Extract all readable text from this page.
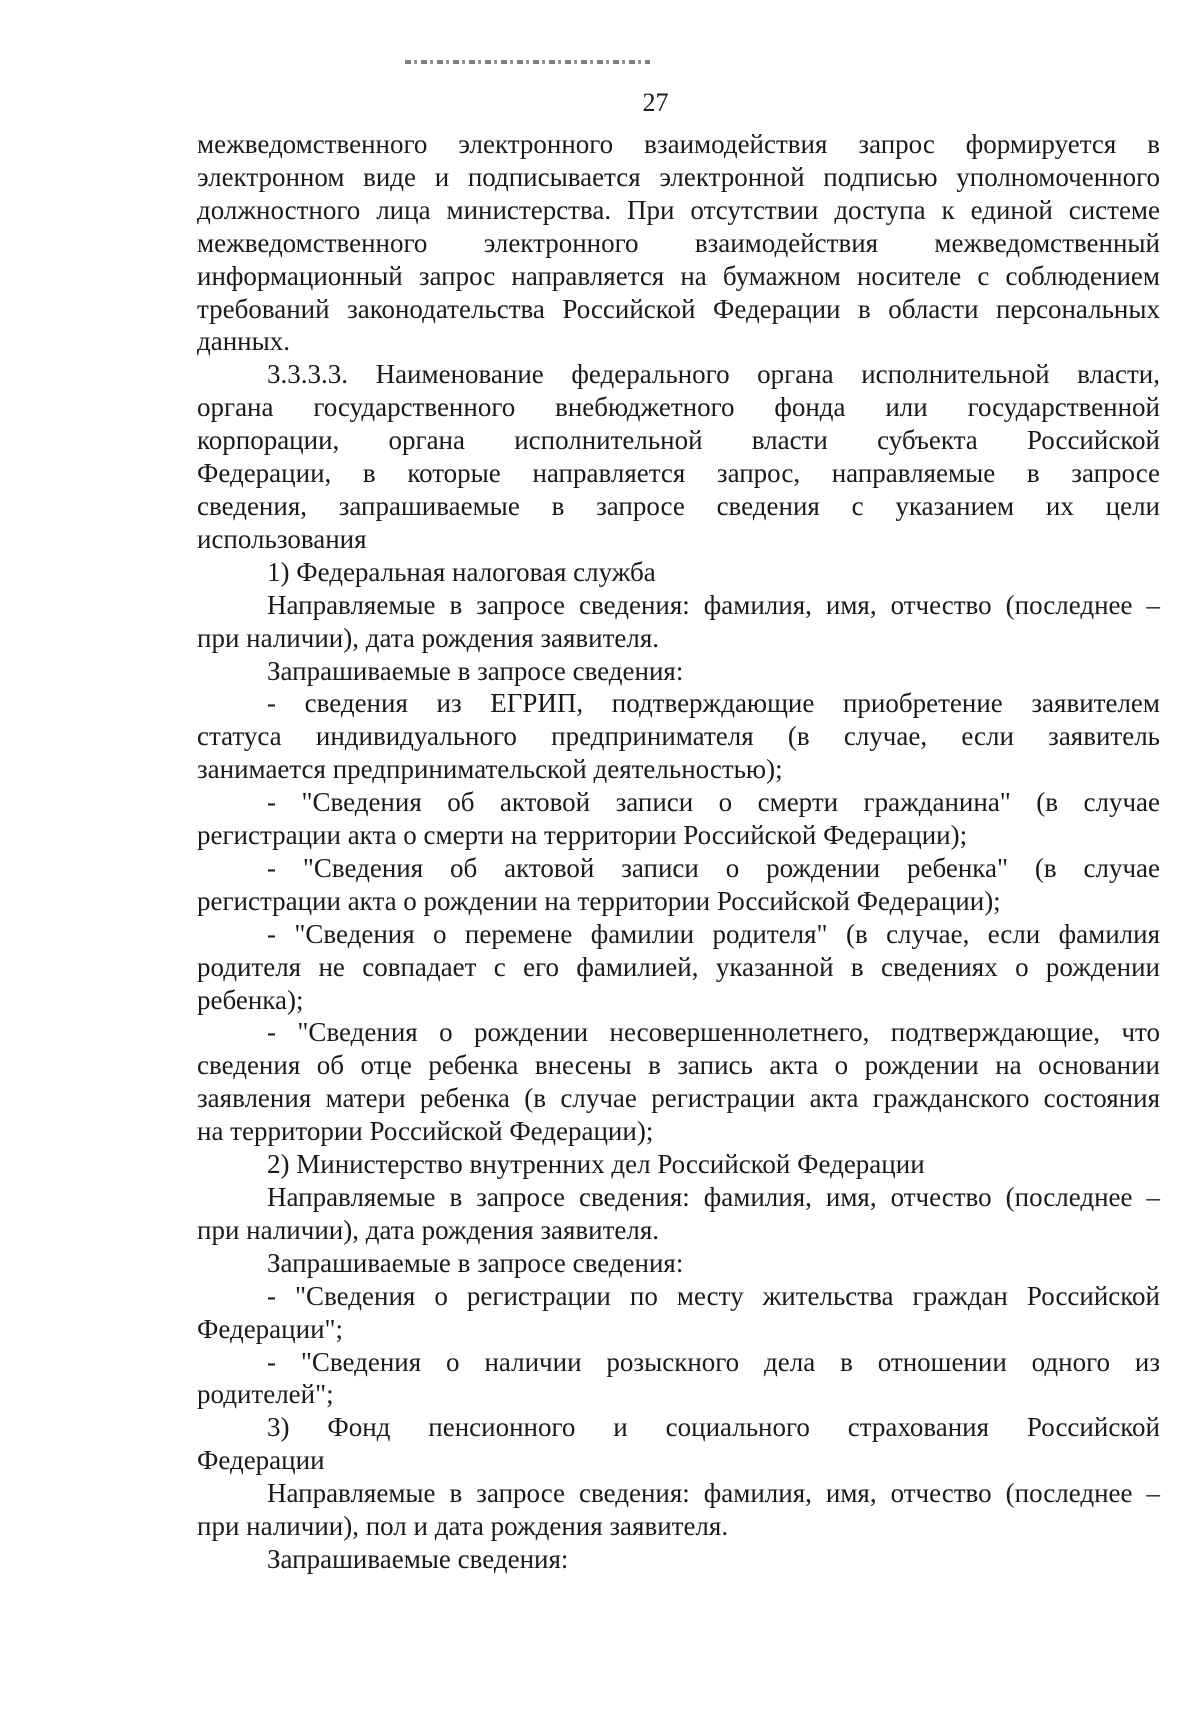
27
межведомственного электронного взаимодействия запрос формируется в
электронном виде и подписывается электронной подписью уполномоченного
должностного лица министерства. При отсутствии доступа к единой системе
межведомственного электронного взаимодействия межведомственный
информационный запрос направляется на бумажном носителе с соблюдением
требований законодательства Российской Федерации в области персональных
данных.
3.3.3.3. Наименование федерального органа исполнительной власти,
органа государственного внебюджетного фонда или государственной
корпорации, органа исполнительной власти субъекта Российской
Федерации, в которые направляется запрос, направляемые в запросе
сведения, запрашиваемые в запросе сведения с указанием их цели
использования
1) Федеральная налоговая служба
Направляемые в запросе сведения: фамилия, имя, отчество (последнее –
при наличии), дата рождения заявителя.
Запрашиваемые в запросе сведения:
- сведения из ЕГРИП, подтверждающие приобретение заявителем
статуса индивидуального предпринимателя (в случае, если заявитель
занимается предпринимательской деятельностью);
- "Сведения об актовой записи о смерти гражданина" (в случае
регистрации акта о смерти на территории Российской Федерации);
- "Сведения об актовой записи о рождении ребенка" (в случае
регистрации акта о рождении на территории Российской Федерации);
- "Сведения о перемене фамилии родителя" (в случае, если фамилия
родителя не совпадает с его фамилией, указанной в сведениях о рождении
ребенка);
- "Сведения о рождении несовершеннолетнего, подтверждающие, что
сведения об отце ребенка внесены в запись акта о рождении на основании
заявления матери ребенка (в случае регистрации акта гражданского состояния
на территории Российской Федерации);
2) Министерство внутренних дел Российской Федерации
Направляемые в запросе сведения: фамилия, имя, отчество (последнее –
при наличии), дата рождения заявителя.
Запрашиваемые в запросе сведения:
- "Сведения о регистрации по месту жительства граждан Российской
Федерации";
- "Сведения о наличии розыскного дела в отношении одного из
родителей";
3) Фонд пенсионного и социального страхования Российской
Федерации
Направляемые в запросе сведения: фамилия, имя, отчество (последнее –
при наличии), пол и дата рождения заявителя.
Запрашиваемые сведения:
